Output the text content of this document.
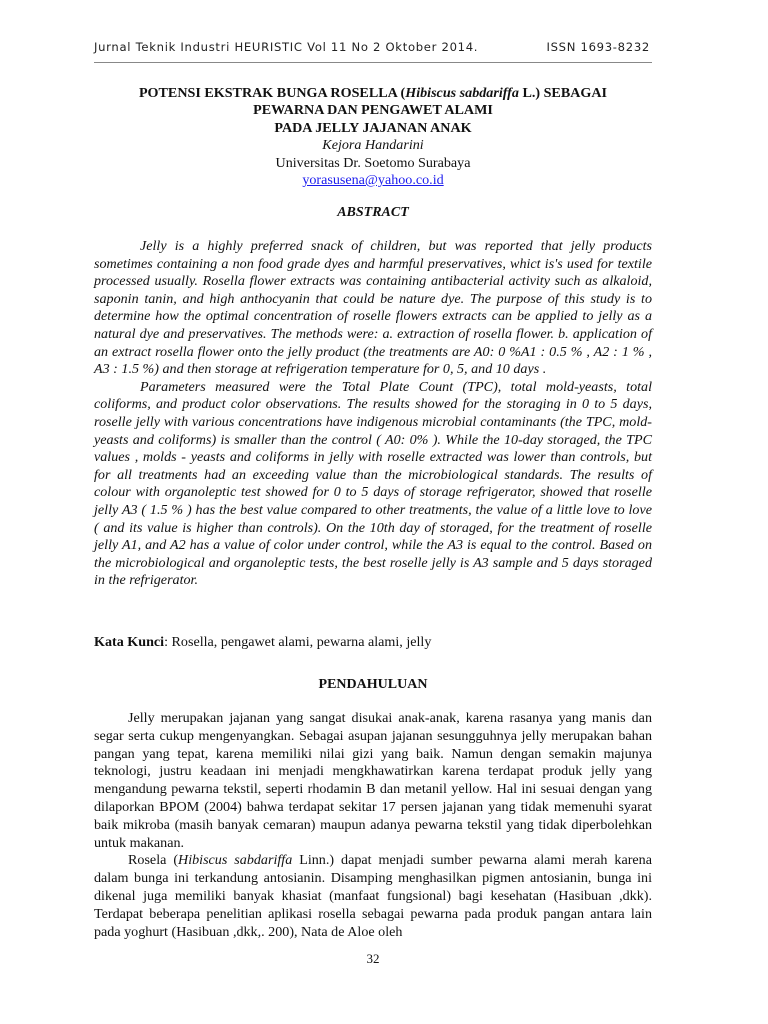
Jurnal Teknik Industri HEURISTIC Vol 11 No 2 Oktober 2014.	ISSN 1693-8232
POTENSI EKSTRAK BUNGA ROSELLA (Hibiscus sabdariffa L.) SEBAGAI
PEWARNA DAN PENGAWET ALAMI
PADA JELLY JAJANAN ANAK
Kejora Handarini
Universitas Dr. Soetomo Surabaya
yorasusena@yahoo.co.id
ABSTRACT

Jelly is a highly preferred snack of children, but was reported that jelly products sometimes containing a non food grade dyes and harmful preservatives, whict is's used for textile processed usually. Rosella flower extracts was containing antibacterial activity such as alkaloid, saponin tanin, and high anthocyanin that could be nature dye. The purpose of this study is to determine how the optimal concentration of roselle flowers extracts can be applied to jelly as a natural dye and preservatives. The methods were: a. extraction of rosella flower. b. application of an extract rosella flower onto the jelly product (the treatments are A0: 0 %A1 : 0.5 % , A2 : 1 % , A3 : 1.5 %) and then storage at refrigeration temperature for 0, 5, and 10 days .

Parameters measured were the Total Plate Count (TPC), total mold-yeasts, total coliforms, and product color observations. The results showed for the storaging in 0 to 5 days, roselle jelly with various concentrations have indigenous microbial contaminants (the TPC, mold- yeasts and coliforms) is smaller than the control ( A0: 0% ). While the 10-day storaged, the TPC values , molds - yeasts and coliforms in jelly with roselle extracted was lower than controls, but for all treatments had an exceeding value than the microbiological standards. The results of colour with organoleptic test showed for 0 to 5 days of storage refrigerator, showed that roselle jelly A3 ( 1.5 % ) has the best value compared to other treatments, the value of a little love to love ( and its value is higher than controls). On the 10th day of storaged, for the treatment of roselle jelly A1, and A2 has a value of color under control, while the A3 is equal to the control. Based on the microbiological and organoleptic tests, the best roselle jelly is A3 sample and 5 days storaged in the refrigerator.

Kata Kunci: Rosella, pengawet alami, pewarna alami, jelly
PENDAHULUAN

Jelly merupakan jajanan yang sangat disukai anak-anak, karena rasanya yang manis dan segar serta cukup mengenyangkan. Sebagai asupan jajanan sesungguhnya jelly merupakan bahan pangan yang tepat, karena memiliki nilai gizi yang baik. Namun dengan semakin majunya teknologi, justru keadaan ini menjadi mengkhawatirkan karena terdapat produk jelly yang mengandung pewarna tekstil, seperti rhodamin B dan metanil yellow. Hal ini sesuai dengan yang dilaporkan BPOM (2004) bahwa terdapat sekitar 17 persen jajanan yang tidak memenuhi syarat baik mikroba (masih banyak cemaran) maupun adanya pewarna tekstil yang tidak diperbolehkan untuk makanan.

Rosela (Hibiscus sabdariffa Linn.) dapat menjadi sumber pewarna alami merah karena dalam bunga ini terkandung antosianin. Disamping menghasilkan pigmen antosianin, bunga ini dikenal juga memiliki banyak khasiat (manfaat fungsional) bagi kesehatan (Hasibuan ,dkk). Terdapat beberapa penelitian aplikasi rosella sebagai pewarna pada produk pangan antara lain pada yoghurt (Hasibuan ,dkk,. 200), Nata de Aloe oleh

32
